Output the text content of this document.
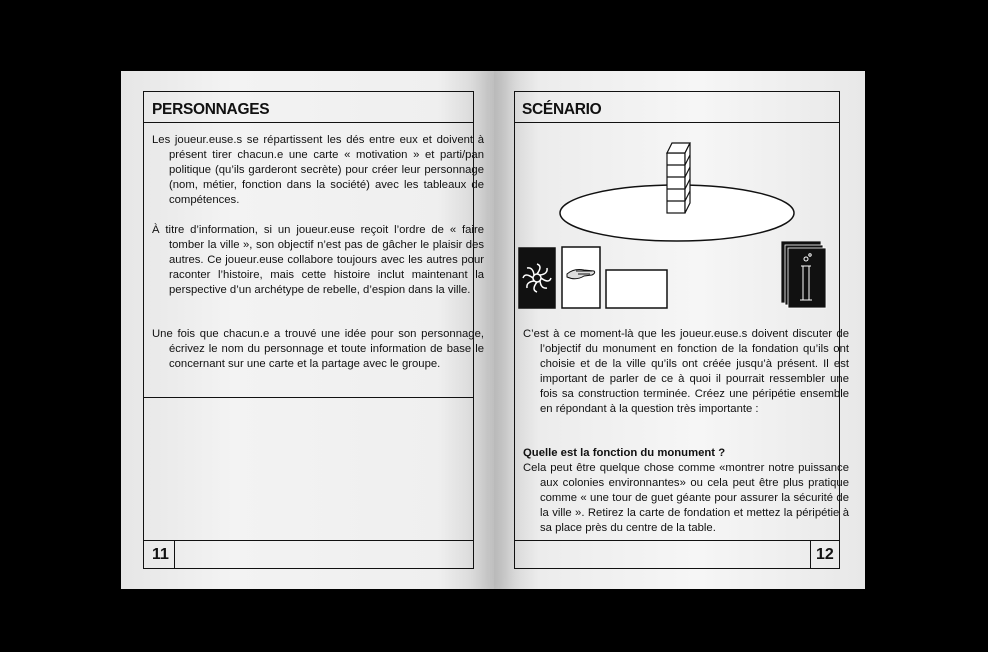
PERSONNAGES
Les joueur.euse.s se répartissent les dés entre eux et doivent à présent tirer chacun.e une carte « motivation » et parti/pan politique (qu’ils garderont secrète) pour créer leur personnage (nom, métier, fonction dans la société) avec les tableaux de compétences.
À titre d’information, si un joueur.euse reçoit l’ordre de « faire tomber la ville », son objectif n’est pas de gâcher le plaisir des autres. Ce joueur.euse collabore toujours avec les autres pour raconter l’histoire, mais cette histoire inclut maintenant la perspective d’un archétype de rebelle, d’espion dans la ville.
Une fois que chacun.e a trouvé une idée pour son personnage, écrivez le nom du personnage et toute information de base le concernant sur une carte et la partage avec le groupe.
11
SCÉNARIO
C’est à ce moment-là que les joueur.euse.s doivent discuter de l’objectif du monument en fonction de la fondation qu’ils ont choisie et de la ville qu’ils ont créée jusqu’à présent. Il est important de parler de ce à quoi il pourrait ressembler une fois sa construction terminée. Créez une péripétie ensemble en répondant à la question très importante :
Quelle est la fonction du monument ?
Cela peut être quelque chose comme «montrer notre puissance aux colonies environnantes» ou cela peut être plus pratique comme « une tour de guet géante pour assurer la sécurité de la ville ». Retirez la carte de fondation et mettez la péripétie à sa place près du centre de la table.
12
